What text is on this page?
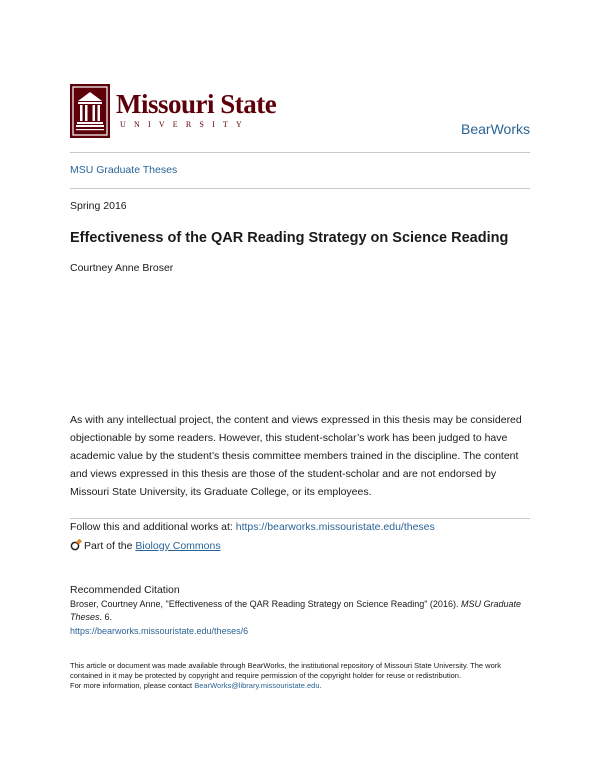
Missouri State
UNIVERSITY	BearWorks
MSU Graduate Theses
Spring 2016
Effectiveness of the QAR Reading Strategy on Science Reading
Courtney Anne Broser
As with any intellectual project, the content and views expressed in this thesis may be considered objectionable by some readers. However, this student-scholar’s work has been judged to have academic value by the student’s thesis committee members trained in the discipline. The content and views expressed in this thesis are those of the student-scholar and are not endorsed by Missouri State University, its Graduate College, or its employees.
Follow this and additional works at: https://bearworks.missouristate.edu/theses
Part of the Biology Commons
Recommended Citation
Broser, Courtney Anne, "Effectiveness of the QAR Reading Strategy on Science Reading" (2016). MSU Graduate Theses. 6.
https://bearworks.missouristate.edu/theses/6
This article or document was made available through BearWorks, the institutional repository of Missouri State University. The work contained in it may be protected by copyright and require permission of the copyright holder for reuse or redistribution.
For more information, please contact BearWorks@library.missouristate.edu.
